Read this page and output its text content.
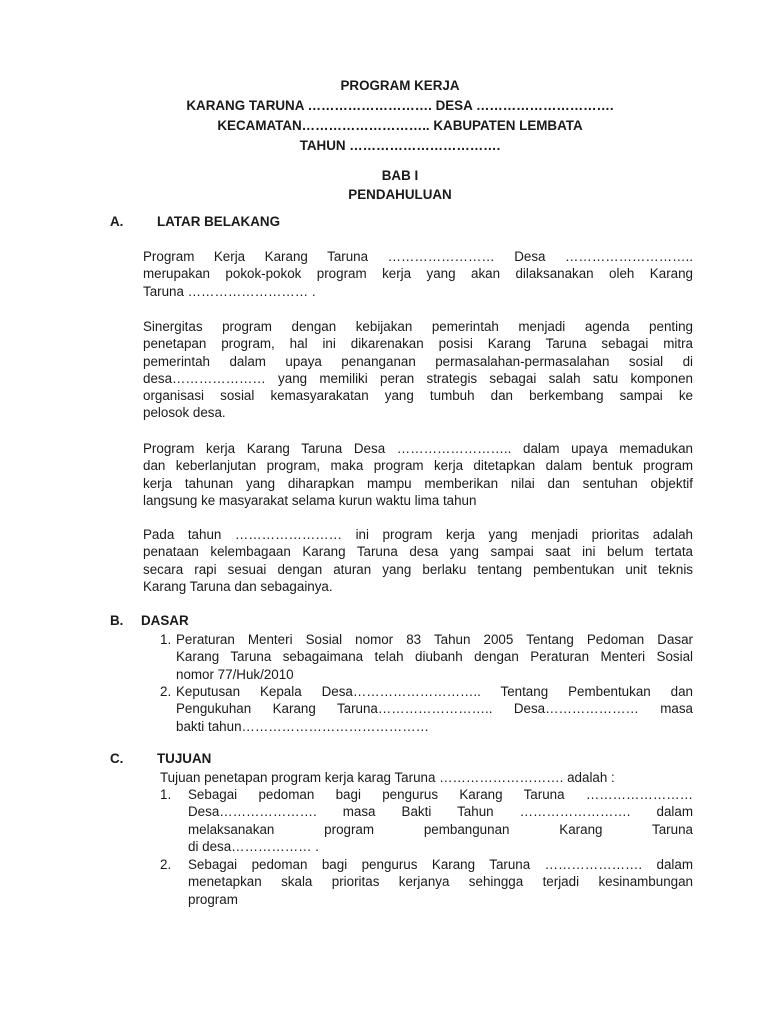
PROGRAM KERJA
KARANG TARUNA ………………………. DESA ………………………….
KECAMATAN……………………….. KABUPATEN LEMBATA
TAHUN …………………………….
BAB I
PENDAHULUAN
A.	LATAR BELAKANG
Program Kerja Karang Taruna …………………… Desa ………………………..
merupakan pokok-pokok program kerja yang akan dilaksanakan oleh Karang
Taruna ……………………… .
Sinergitas program dengan kebijakan pemerintah menjadi agenda penting
penetapan program, hal ini dikarenakan posisi Karang Taruna sebagai mitra
pemerintah dalam upaya penanganan permasalahan-permasalahan sosial di
desa………………… yang memiliki peran strategis sebagai salah satu komponen
organisasi sosial kemasyarakatan yang tumbuh dan berkembang sampai ke
pelosok desa.
Program kerja Karang Taruna Desa …………………….. dalam upaya memadukan
dan keberlanjutan program, maka program kerja ditetapkan dalam bentuk program
kerja tahunan yang diharapkan mampu memberikan nilai dan sentuhan objektif
langsung ke masyarakat selama kurun waktu lima tahun
Pada tahun …………………… ini program kerja yang menjadi prioritas adalah
penataan kelembagaan Karang Taruna desa yang sampai saat ini belum tertata
secara rapi sesuai dengan aturan yang berlaku tentang pembentukan unit teknis
Karang Taruna dan sebagainya.
B. DASAR
1. Peraturan Menteri Sosial nomor 83 Tahun 2005 Tentang Pedoman Dasar
Karang Taruna sebagaimana telah diubanh dengan Peraturan Menteri Sosial
nomor 77/Huk/2010
2. Keputusan Kepala Desa……………………….. Tentang Pembentukan dan
Pengukuhan Karang Taruna…………………….. Desa………………… masa
bakti tahun……………………………………
C.	TUJUAN
Tujuan penetapan program kerja karag Taruna ………………………. adalah :
1. Sebagai pedoman bagi pengurus Karang Taruna ……………………
Desa…………………. masa Bakti Tahun ……………………. dalam
melaksanakan program pembangunan Karang Taruna
di desa……………… .
2. Sebagai pedoman bagi pengurus Karang Taruna …………………. dalam
menetapkan skala prioritas kerjanya sehingga terjadi kesinambungan
program
